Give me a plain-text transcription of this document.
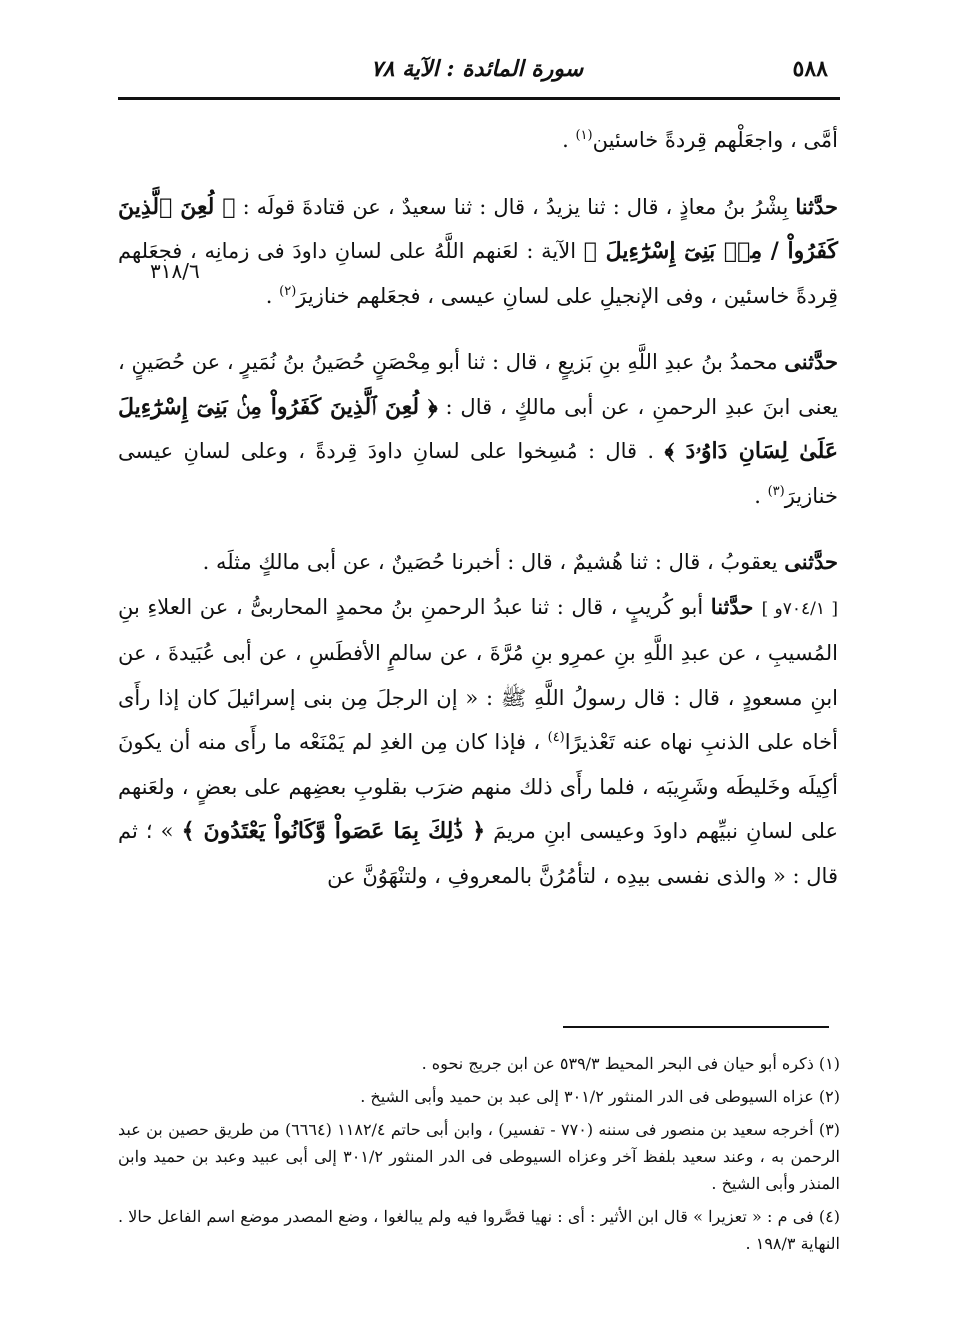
٥٨٨
سورة المائدة : الآية ٧٨
٣١٨/٦

أمَّى ، واجعَلْهم قِردةً خاسئين$^{(١)}$ .

حدَّثنا بِشْرُ بنُ معاذٍ ، قال : ثنا يزيدُ ، قال : ثنا سعيدٌ ، عن قتادةَ قولَه : ﴿ لُعِنَ ٱلَّذِينَ كَفَرُواْ / مِنۢ بَنِىٓ إِسْرَٰٓءِيلَ ﴾ الآية : لعَنهم اللَّهُ على لسانِ داودَ فى زمانِه ، فجعَلهم قِردةً خاسئين ، وفى الإنجيلِ على لسانِ عيسى ، فجعَلهم خنازيرَ$^{(٢)}$ .

حدَّثنى محمدُ بنُ عبدِ اللَّهِ بنِ بَزيعٍ ، قال : ثنا أبو مِحْصَنٍ حُصَينُ بنُ نُمَيرٍ ، عن حُصَينٍ ، يعنى ابنَ عبدِ الرحمنِ ، عن أبى مالكٍ ، قال : ﴿ لُعِنَ ٱلَّذِينَ كَفَرُواْ مِنۢ بَنِىٓ إِسْرَٰٓءِيلَ عَلَىٰ لِسَانِ دَاوُۥدَ ﴾ . قال : مُسِخوا على لسانِ داودَ قِردةً ، وعلى لسانِ عيسى خنازيرَ$^{(٣)}$ .

حدَّثنى يعقوبُ ، قال : ثنا هُشيمٌ ، قال : أخبرنا حُصَينٌ ، عن أبى مالكٍ مثلَه .

[ ٧٠٤/١و ] حدَّثنا أبو كُريبٍ ، قال : ثنا عبدُ الرحمنِ بنُ محمدٍ المحاربىُّ ، عن العلاءِ بنِ المُسيبِ ، عن عبدِ اللَّهِ بنِ عمرِو بنِ مُرَّةَ ، عن سالمٍ الأفطَسِ ، عن أبى عُبَيدةَ ، عن ابنِ مسعودٍ ، قال : قال رسولُ اللَّهِ ﷺ : « إن الرجلَ مِن بنى إسرائيلَ كان إذا رأَى أخاه على الذنبِ نهاه عنه تَعْذيرًا$^{(٤)}$ ، فإذا كان مِن الغدِ لم يَمْنَعْه ما رأَى منه أن يكونَ أكِيلَه وخَليطَه وشَرِيبَه ، فلما رأَى ذلك منهم ضرَب بقلوبِ بعضِهم على بعضٍ ، ولعَنهم على لسانِ نبيِّهم داودَ وعيسى ابنِ مريمَ ﴿ ذَٰلِكَ بِمَا عَصَواْ وَّكَانُواْ يَعْتَدُونَ ﴾ » ؛ ثم قال : « والذى نفسى بيدِه ، لتأمُرُنَّ بالمعروفِ ، ولتنْهَوُنَّ عن

(١) ذكره أبو حيان فى البحر المحيط ٥٣٩/٣ عن ابن جريج نحوه .

(٢) عزاه السيوطى فى الدر المنثور ٣٠١/٢ إلى عبد بن حميد وأبى الشيخ .

(٣) أخرجه سعيد بن منصور فى سننه (٧٧٠ - تفسير) ، وابن أبى حاتم ١١٨٢/٤ (٦٦٦٤) من طريق حصين بن عبد الرحمن به ، وعند سعيد بلفظ آخر وعزاه السيوطى فى الدر المنثور ٣٠١/٢ إلى أبى عبيد وعبد بن حميد وابن المنذر وأبى الشيخ .

(٤) فى م : « تعزيرا » قال ابن الأثير : أى : نهيا قصَّروا فيه ولم يبالغوا ، وضع المصدر موضع اسم الفاعل حالا . النهاية ١٩٨/٣ .
